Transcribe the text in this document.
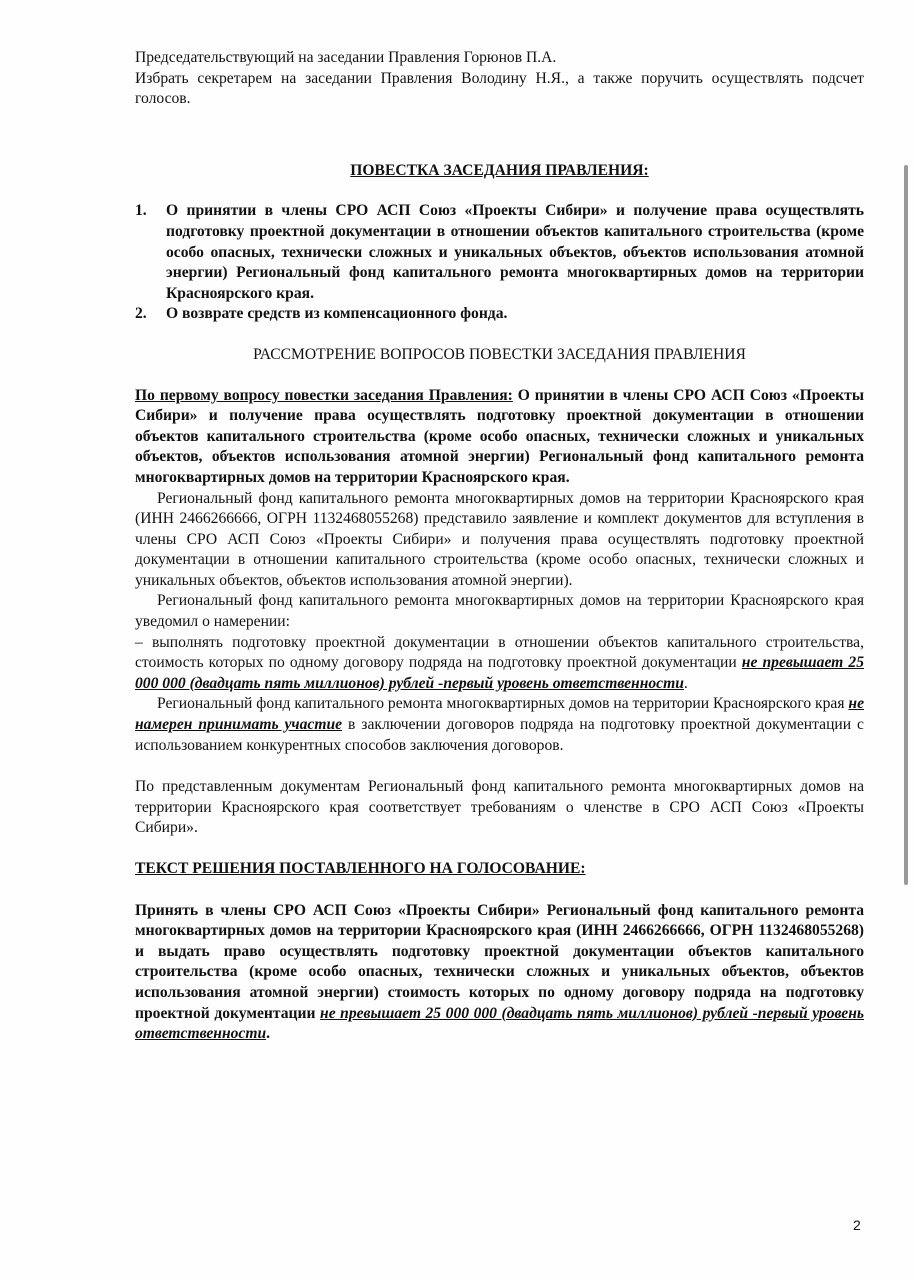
Председательствующий на заседании Правления Горюнов П.А.

Избрать секретарем на заседании Правления Володину Н.Я., а также поручить осуществлять подсчет голосов.

ПОВЕСТКА ЗАСЕДАНИЯ ПРАВЛЕНИЯ:

1. О принятии в члены СРО АСП Союз «Проекты Сибири» и получение права осуществлять подготовку проектной документации в отношении объектов капитального строительства (кроме особо опасных, технически сложных и уникальных объектов, объектов использования атомной энергии) Региональный фонд капитального ремонта многоквартирных домов на территории Красноярского края.
2. О возврате средств из компенсационного фонда.

РАССМОТРЕНИЕ ВОПРОСОВ ПОВЕСТКИ ЗАСЕДАНИЯ ПРАВЛЕНИЯ

По первому вопросу повестки заседания Правления: О принятии в члены СРО АСП Союз «Проекты Сибири» и получение права осуществлять подготовку проектной документации в отношении объектов капитального строительства (кроме особо опасных, технически сложных и уникальных объектов, объектов использования атомной энергии) Региональный фонд капитального ремонта многоквартирных домов на территории Красноярского края.

Региональный фонд капитального ремонта многоквартирных домов на территории Красноярского края (ИНН 2466266666, ОГРН 1132468055268) представило заявление и комплект документов для вступления в члены СРО АСП Союз «Проекты Сибири» и получения права осуществлять подготовку проектной документации в отношении капитального строительства (кроме особо опасных, технически сложных и уникальных объектов, объектов использования атомной энергии).

Региональный фонд капитального ремонта многоквартирных домов на территории Красноярского края уведомил о намерении:

– выполнять подготовку проектной документации в отношении объектов капитального строительства, стоимость которых по одному договору подряда на подготовку проектной документации не превышает 25 000 000 (двадцать пять миллионов) рублей -первый уровень ответственности.

Региональный фонд капитального ремонта многоквартирных домов на территории Красноярского края не намерен принимать участие в заключении договоров подряда на подготовку проектной документации с использованием конкурентных способов заключения договоров.

По представленным документам Региональный фонд капитального ремонта многоквартирных домов на территории Красноярского края соответствует требованиям о членстве в СРО АСП Союз «Проекты Сибири».

ТЕКСТ РЕШЕНИЯ ПОСТАВЛЕННОГО НА ГОЛОСОВАНИЕ:

Принять в члены СРО АСП Союз «Проекты Сибири» Региональный фонд капитального ремонта многоквартирных домов на территории Красноярского края (ИНН 2466266666, ОГРН 1132468055268) и выдать право осуществлять подготовку проектной документации объектов капитального строительства (кроме особо опасных, технически сложных и уникальных объектов, объектов использования атомной энергии) стоимость которых по одному договору подряда на подготовку проектной документации не превышает 25 000 000 (двадцать пять миллионов) рублей -первый уровень ответственности.

2
